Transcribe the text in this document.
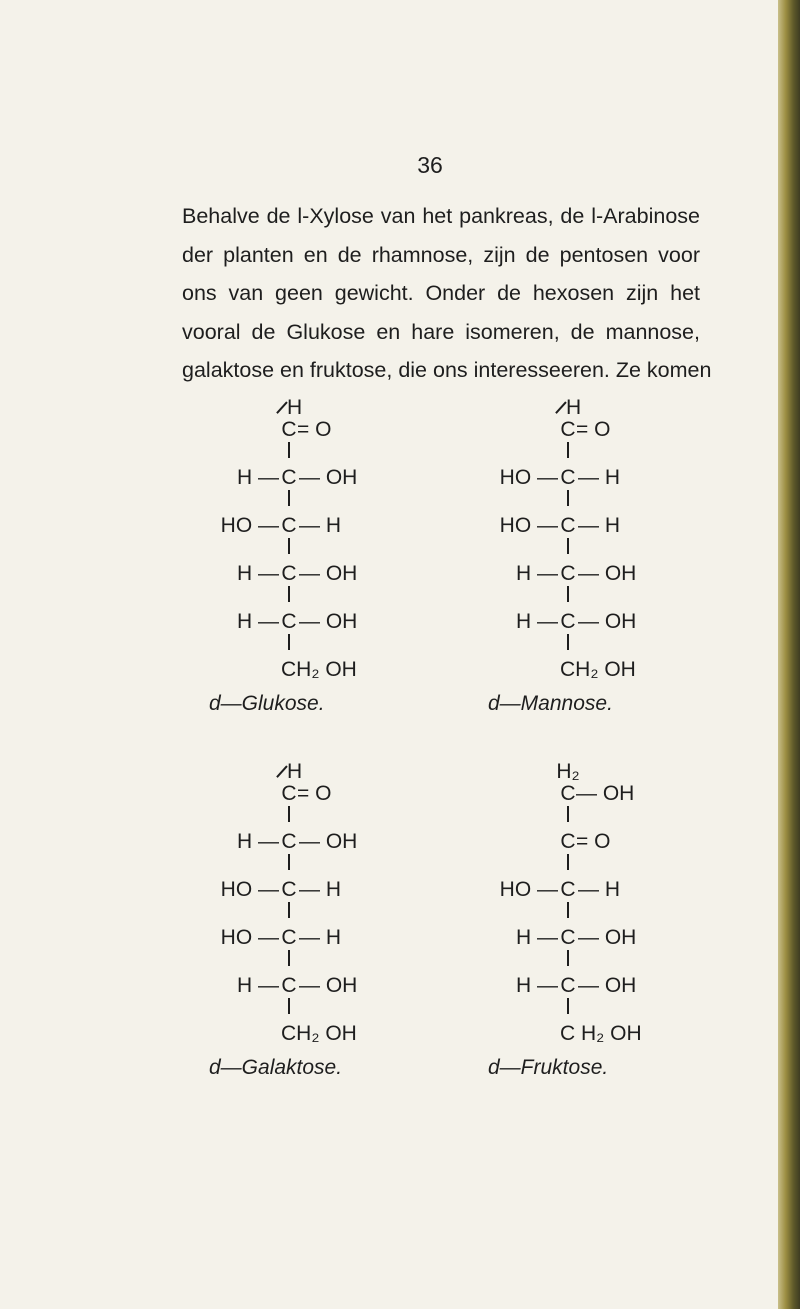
36
Behalve de l-Xylose van het pankreas, de l-Arabinose
der planten en de rhamnose, zijn de pentosen voor
ons van geen gewicht. Onder de hexosen zijn het
vooral de Glukose en hare isomeren, de mannose,
galaktose en fruktose, die ons interesseeren. Ze komen
H
C = O
C
H — — OH
C
HO — — H
C
H — — OH
C
H — — OH
CH₂ OH
d—Glukose.
H
C = O
C
HO — — H
C
HO — — H
C
H — — OH
C
H — — OH
CH₂ OH
d—Mannose.
H
C = O
C
H — — OH
C
HO — — H
C
HO — — H
C
H — — OH
CH₂ OH
d—Galaktose.
H₂
C — OH
C = O
C
HO — — H
C
H — — OH
C
H — — OH
C H₂ OH
d—Fruktose.
